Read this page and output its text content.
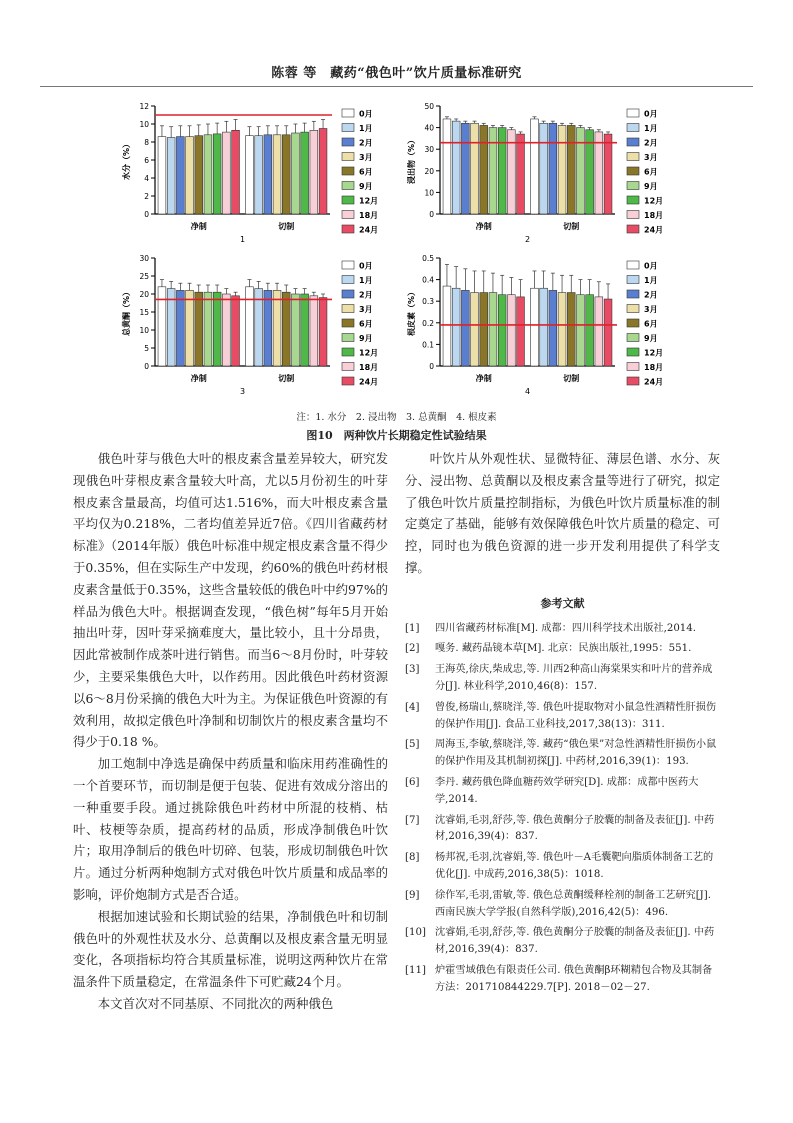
陈蓉 等　藏药“俄色叶”饮片质量标准研究
0
2
4
6
8
10
12
水分（%）
净制	切制
1
0月
1月
2月
3月
6月
9月
12月
18月
24月
0
10
20
30
40
50
浸出物（%）
净制	切制
2
0月
1月
2月
3月
6月
9月
12月
18月
24月
0
5
10
15
20
25
30
总黄酮（%）
净制	切制
3
0月
1月
2月
3月
6月
9月
12月
18月
24月
0
0.1
0.2
0.3
0.4
0.5
根皮素（%）
净制	切制
4
0月
1月
2月
3月
6月
9月
12月
18月
24月
注：1. 水分　2. 浸出物　3. 总黄酮　4. 根皮素
图10　两种饮片长期稳定性试验结果

俄色叶芽与俄色大叶的根皮素含量差异较大，研究发现俄色叶芽根皮素含量较大叶高，尤以5月份初生的叶芽根皮素含量最高，均值可达1.516%，而大叶根皮素含量平均仅为0.218%，二者均值差异近7倍。《四川省藏药材标准》（2014年版）俄色叶标准中规定根皮素含量不得少于0.35%，但在实际生产中发现，约60%的俄色叶药材根皮素含量低于0.35%，这些含量较低的俄色叶中约97%的样品为俄色大叶。根据调查发现，“俄色树”每年5月开始抽出叶芽，因叶芽采摘难度大，量比较小，且十分昂贵，因此常被制作成茶叶进行销售。而当6～8月份时，叶芽较少，主要采集俄色大叶，以作药用。因此俄色叶药材资源以6～8月份采摘的俄色大叶为主。为保证俄色叶资源的有效利用，故拟定俄色叶净制和切制饮片的根皮素含量均不得少于0.18 %。

加工炮制中净选是确保中药质量和临床用药准确性的一个首要环节，而切制是便于包装、促进有效成分溶出的一种重要手段。通过挑除俄色叶药材中所混的枝梢、枯叶、枝梗等杂质，提高药材的品质，形成净制俄色叶饮片；取用净制后的俄色叶切碎、包装，形成切制俄色叶饮片。通过分析两种炮制方式对俄色叶饮片质量和成品率的影响，评价炮制方式是否合适。

根据加速试验和长期试验的结果，净制俄色叶和切制俄色叶的外观性状及水分、总黄酮以及根皮素含量无明显变化，各项指标均符合其质量标准，说明这两种饮片在常温条件下质量稳定，在常温条件下可贮藏24个月。

本文首次对不同基原、不同批次的两种俄色

叶饮片从外观性状、显微特征、薄层色谱、水分、灰分、浸出物、总黄酮以及根皮素含量等进行了研究，拟定了俄色叶饮片质量控制指标，为俄色叶饮片质量标准的制定奠定了基础，能够有效保障俄色叶饮片质量的稳定、可控，同时也为俄色资源的进一步开发利用提供了科学支撑。

参考文献
[1]	四川省藏药材标准[M]. 成都：四川科学技术出版社,2014.
[2]	嘎务. 藏药晶镜本草[M]. 北京：民族出版社,1995：551.
[3]	王海英,徐庆,柴成忠,等. 川西2种高山海棠果实和叶片的营养成分[J]. 林业科学,2010,46(8)：157.
[4]	曾俊,杨瑞山,蔡晓洋,等. 俄色叶提取物对小鼠急性酒精性肝损伤的保护作用[J]. 食品工业科技,2017,38(13)：311.
[5]	周海玉,李敏,蔡晓洋,等. 藏药“俄色果”对急性酒精性肝损伤小鼠的保护作用及其机制初探[J]. 中药材,2016,39(1)：193.
[6]	李丹. 藏药俄色降血糖药效学研究[D]. 成都：成都中医药大学,2014.
[7]	沈睿娟,毛羽,舒莎,等. 俄色黄酮分子胶囊的制备及表征[J]. 中药材,2016,39(4)：837.
[8]	杨邦祝,毛羽,沈睿娟,等. 俄色叶－A毛囊靶向脂质体制备工艺的优化[J]. 中成药,2016,38(5)：1018.
[9]	徐作军,毛羽,雷敏,等. 俄色总黄酮缓释栓剂的制备工艺研究[J]. 西南民族大学学报(自然科学版),2016,42(5)：496.
[10] 沈睿娟,毛羽,舒莎,等. 俄色黄酮分子胶囊的制备及表征[J]. 中药材,2016,39(4)：837.
[11] 炉霍雪域俄色有限责任公司. 俄色黄酮β环糊精包合物及其制备方法：201710844229.7[P]. 2018－02－27.
